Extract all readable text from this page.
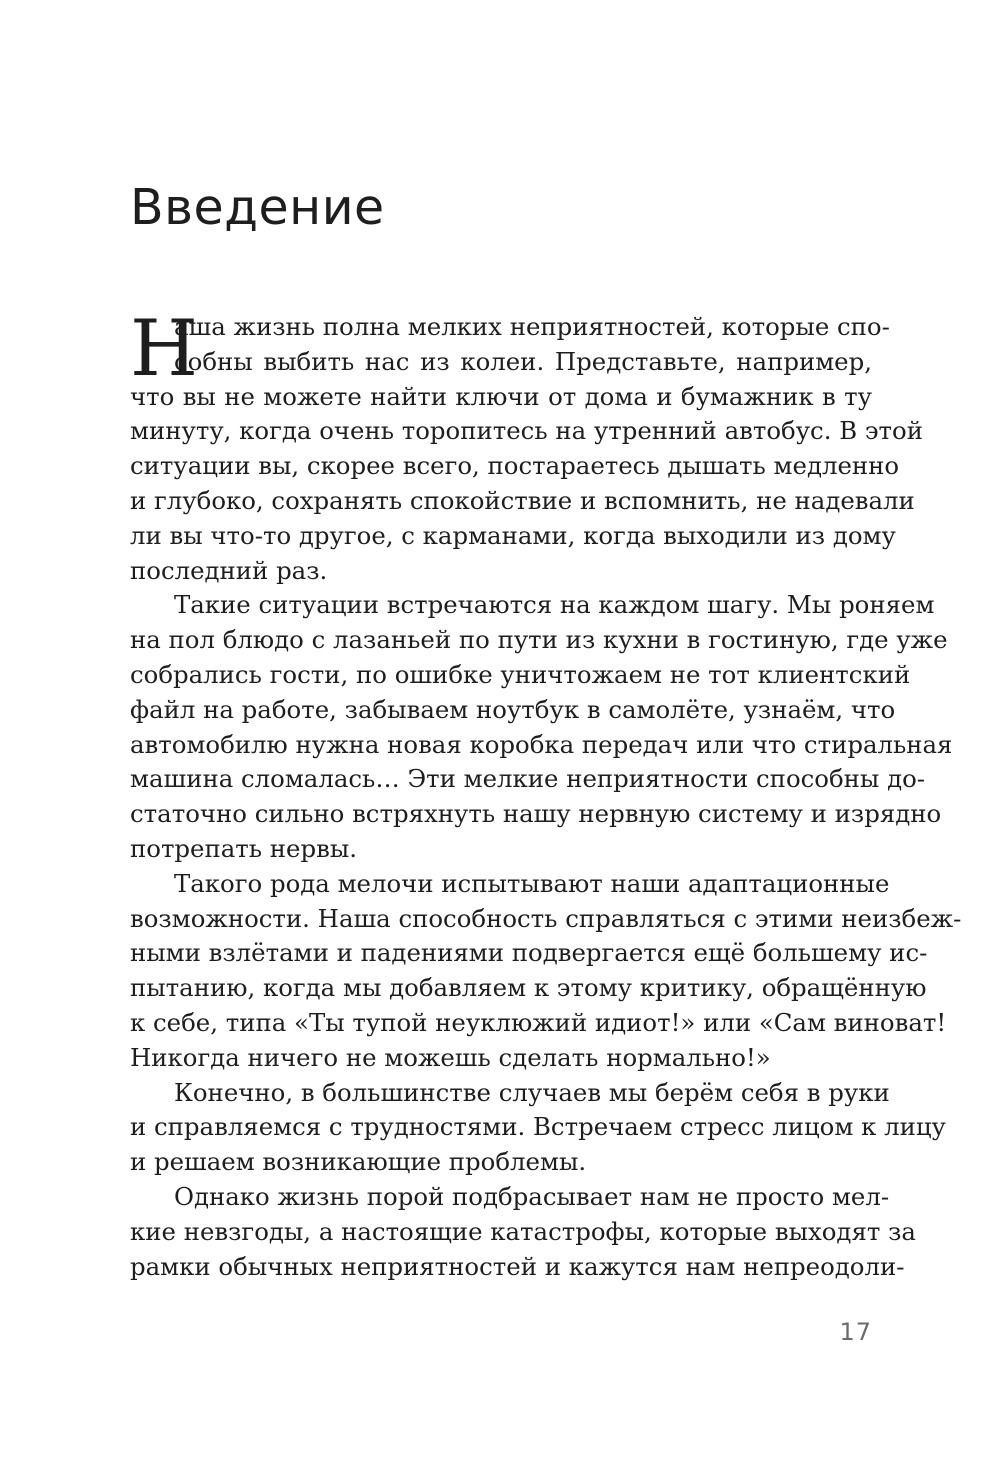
Введение
Н
аша жизнь полна мелких неприятностей, которые спо-
собны выбить нас из колеи. Представьте, например,
что вы не можете найти ключи от дома и бумажник в ту
минуту, когда очень торопитесь на утренний автобус. В этой
ситуации вы, скорее всего, постараетесь дышать медленно
и глубоко, сохранять спокойствие и вспомнить, не надевали
ли вы что-то другое, с карманами, когда выходили из дому
последний раз.
Такие ситуации встречаются на каждом шагу. Мы роняем
на пол блюдо с лазаньей по пути из кухни в гостиную, где уже
собрались гости, по ошибке уничтожаем не тот клиентский
файл на работе, забываем ноутбук в самолёте, узнаём, что
автомобилю нужна новая коробка передач или что стиральная
машина сломалась… Эти мелкие неприятности способны до-
статочно сильно встряхнуть нашу нервную систему и изрядно
потрепать нервы.
Такого рода мелочи испытывают наши адаптационные
возможности. Наша способность справляться с этими неизбеж-
ными взлётами и падениями подвергается ещё большему ис-
пытанию, когда мы добавляем к этому критику, обращённую
к себе, типа «Ты тупой неуклюжий идиот!» или «Сам виноват!
Никогда ничего не можешь сделать нормально!»
Конечно, в большинстве случаев мы берём себя в руки
и справляемся с трудностями. Встречаем стресс лицом к лицу
и решаем возникающие проблемы.
Однако жизнь порой подбрасывает нам не просто мел-
кие невзгоды, а настоящие катастрофы, которые выходят за
рамки обычных неприятностей и кажутся нам непреодоли-
17
